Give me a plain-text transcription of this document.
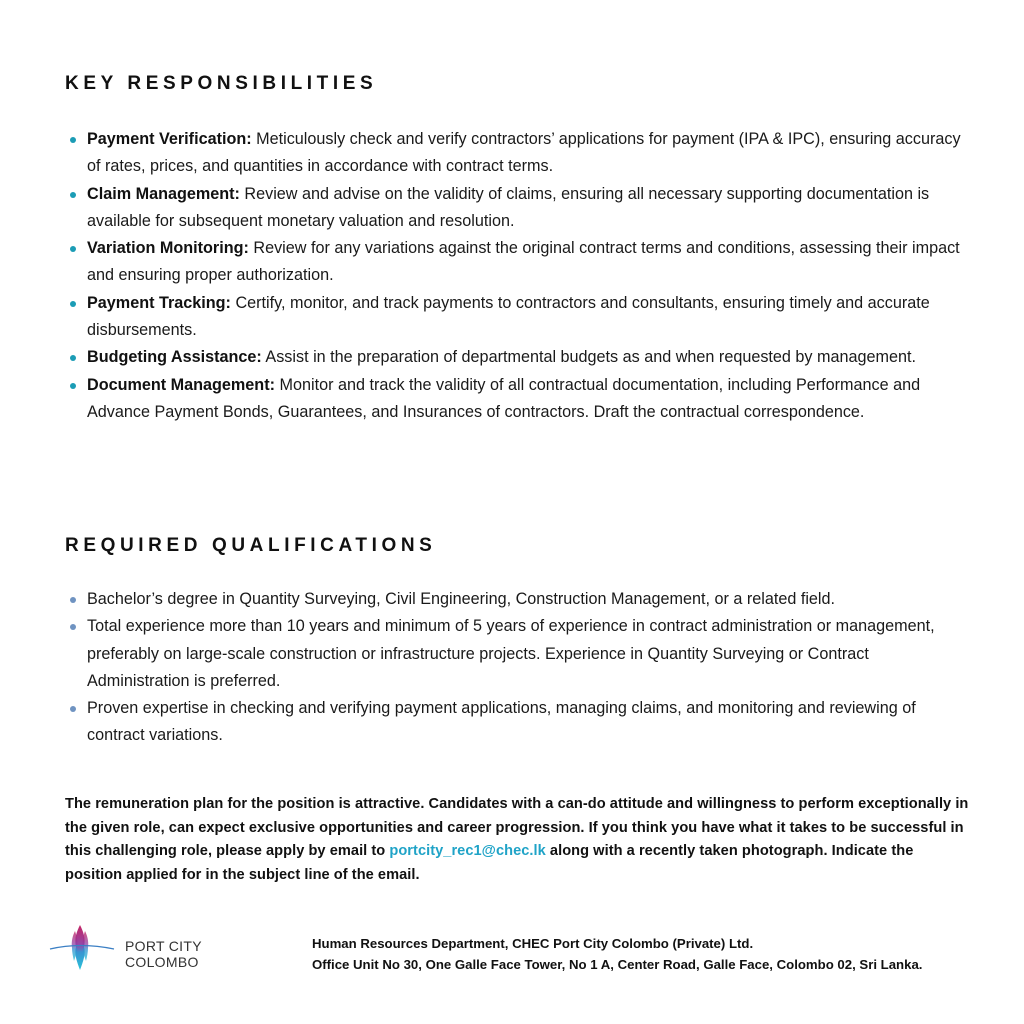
KEY RESPONSIBILITIES
Payment Verification: Meticulously check and verify contractors’ applications for payment (IPA & IPC), ensuring accuracy of rates, prices, and quantities in accordance with contract terms.
Claim Management: Review and advise on the validity of claims, ensuring all necessary supporting documentation is available for subsequent monetary valuation and resolution.
Variation Monitoring: Review for any variations against the original contract terms and conditions, assessing their impact and ensuring proper authorization.
Payment Tracking: Certify, monitor, and track payments to contractors and consultants, ensuring timely and accurate disbursements.
Budgeting Assistance: Assist in the preparation of departmental budgets as and when requested by management.
Document Management: Monitor and track the validity of all contractual documentation, including Performance and Advance Payment Bonds, Guarantees, and Insurances of contractors. Draft the contractual correspondence.
REQUIRED QUALIFICATIONS
Bachelor’s degree in Quantity Surveying, Civil Engineering, Construction Management, or a related field.
Total experience more than 10 years and minimum of 5 years of experience in contract administration or management, preferably on large-scale construction or infrastructure projects. Experience in Quantity Surveying or Contract Administration is preferred.
Proven expertise in checking and verifying payment applications, managing claims, and monitoring and reviewing of contract variations.

The remuneration plan for the position is attractive. Candidates with a can-do attitude and willingness to perform exceptionally in the given role, can expect exclusive opportunities and career progression. If you think you have what it takes to be successful in this challenging role, please apply by email to portcity_rec1@chec.lk along with a recently taken photograph. Indicate the position applied for in the subject line of the email.

PORT CITY COLOMBO
Human Resources Department, CHEC Port City Colombo (Private) Ltd.
Office Unit No 30, One Galle Face Tower, No 1 A, Center Road, Galle Face, Colombo 02, Sri Lanka.
